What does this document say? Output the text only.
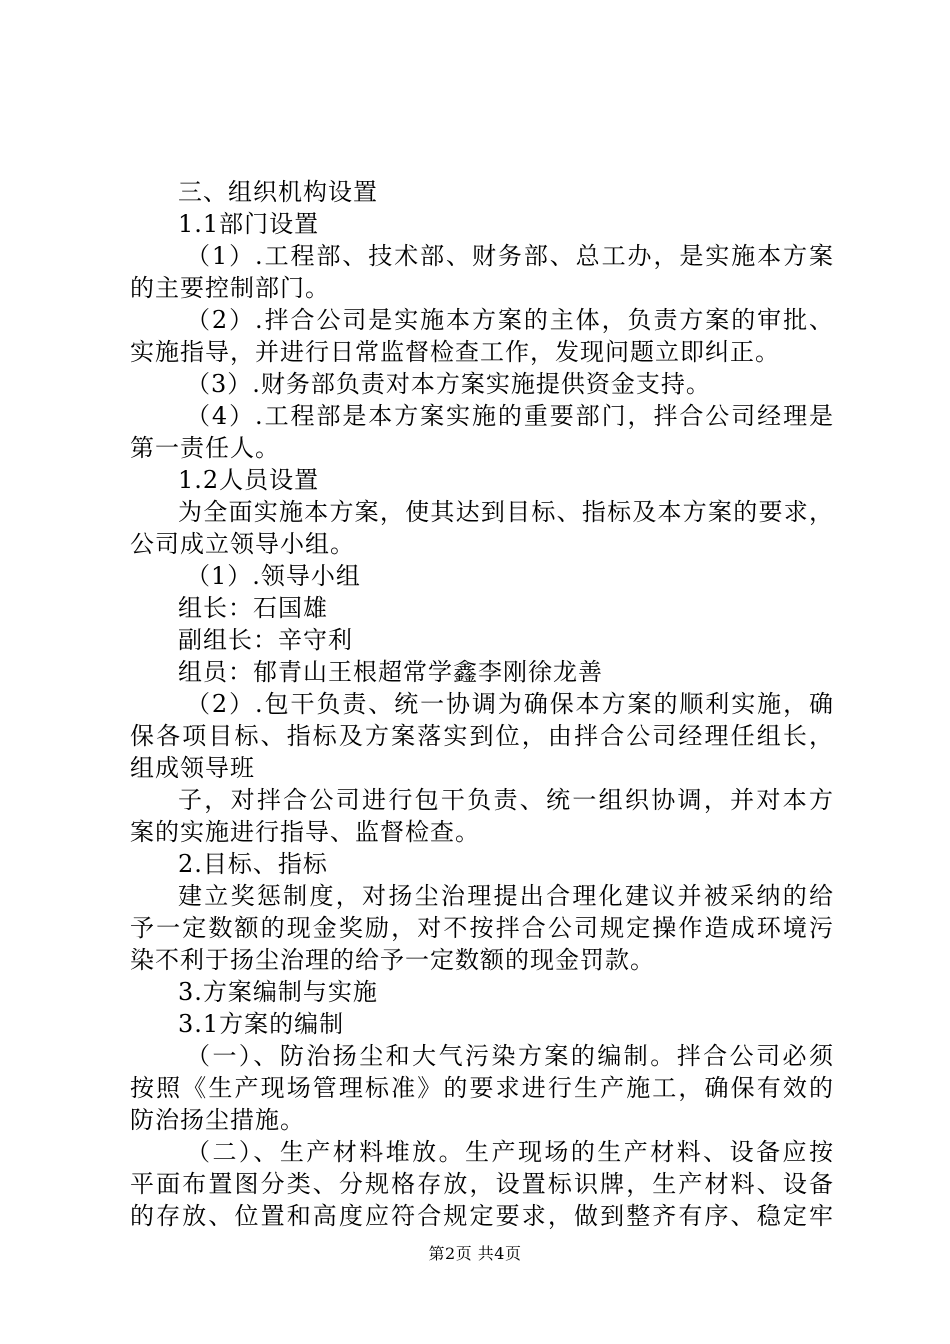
三、组织机构设置
1.1部门设置
（1）.工程部、技术部、财务部、总工办，是实施本方案
的主要控制部门。
（2）.拌合公司是实施本方案的主体，负责方案的审批、
实施指导，并进行日常监督检查工作，发现问题立即纠正。
（3）.财务部负责对本方案实施提供资金支持。
（4）.工程部是本方案实施的重要部门，拌合公司经理是
第一责任人。
1.2人员设置
为全面实施本方案，使其达到目标、指标及本方案的要求，
公司成立领导小组。
（1）.领导小组
组长：石国雄
副组长：辛守利
组员：郁青山王根超常学鑫李刚徐龙善
（2）.包干负责、统一协调为确保本方案的顺利实施，确
保各项目标、指标及方案落实到位，由拌合公司经理任组长，
组成领导班
子，对拌合公司进行包干负责、统一组织协调，并对本方
案的实施进行指导、监督检查。
2.目标、指标
建立奖惩制度，对扬尘治理提出合理化建议并被采纳的给
予一定数额的现金奖励，对不按拌合公司规定操作造成环境污
染不利于扬尘治理的给予一定数额的现金罚款。
3.方案编制与实施
3.1方案的编制
（一）、防治扬尘和大气污染方案的编制。拌合公司必须
按照《生产现场管理标准》的要求进行生产施工，确保有效的
防治扬尘措施。
（二）、生产材料堆放。生产现场的生产材料、设备应按
平面布置图分类、分规格存放，设置标识牌，生产材料、设备
的存放、位置和高度应符合规定要求，做到整齐有序、稳定牢
第2页 共4页
